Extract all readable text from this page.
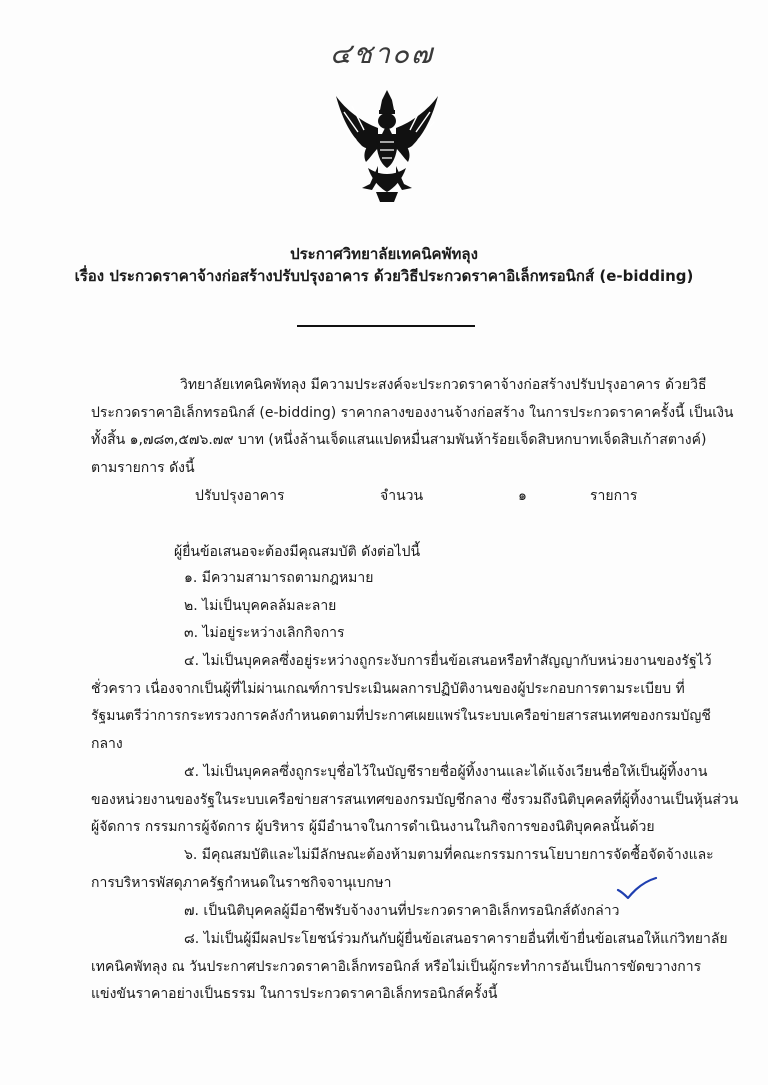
๔ชา๐๗
ประกาศวิทยาลัยเทคนิคพัทลุง
เรื่อง ประกวดราคาจ้างก่อสร้างปรับปรุงอาคาร ด้วยวิธีประกวดราคาอิเล็กทรอนิกส์ (e-bidding)
วิทยาลัยเทคนิคพัทลุง มีความประสงค์จะประกวดราคาจ้างก่อสร้างปรับปรุงอาคาร ด้วยวิธี
ประกวดราคาอิเล็กทรอนิกส์ (e-bidding) ราคากลางของงานจ้างก่อสร้าง ในการประกวดราคาครั้งนี้ เป็นเงิน
ทั้งสิ้น ๑,๗๘๓,๕๗๖.๗๙ บาท (หนึ่งล้านเจ็ดแสนแปดหมื่นสามพันห้าร้อยเจ็ดสิบหกบาทเจ็ดสิบเก้าสตางค์)
ตามรายการ ดังนี้
ปรับปรุงอาคาร	จำนวน	๑	รายการ
ผู้ยื่นข้อเสนอจะต้องมีคุณสมบัติ ดังต่อไปนี้
๑. มีความสามารถตามกฎหมาย
๒. ไม่เป็นบุคคลล้มละลาย
๓. ไม่อยู่ระหว่างเลิกกิจการ
๔. ไม่เป็นบุคคลซึ่งอยู่ระหว่างถูกระงับการยื่นข้อเสนอหรือทำสัญญากับหน่วยงานของรัฐไว้
ชั่วคราว เนื่องจากเป็นผู้ที่ไม่ผ่านเกณฑ์การประเมินผลการปฏิบัติงานของผู้ประกอบการตามระเบียบ ที่
รัฐมนตรีว่าการกระทรวงการคลังกำหนดตามที่ประกาศเผยแพร่ในระบบเครือข่ายสารสนเทศของกรมบัญชี
กลาง
๕. ไม่เป็นบุคคลซึ่งถูกระบุชื่อไว้ในบัญชีรายชื่อผู้ทิ้งงานและได้แจ้งเวียนชื่อให้เป็นผู้ทิ้งงาน
ของหน่วยงานของรัฐในระบบเครือข่ายสารสนเทศของกรมบัญชีกลาง ซึ่งรวมถึงนิติบุคคลที่ผู้ทิ้งงานเป็นหุ้นส่วน
ผู้จัดการ กรรมการผู้จัดการ ผู้บริหาร ผู้มีอำนาจในการดำเนินงานในกิจการของนิติบุคคลนั้นด้วย
๖. มีคุณสมบัติและไม่มีลักษณะต้องห้ามตามที่คณะกรรมการนโยบายการจัดซื้อจัดจ้างและ
การบริหารพัสดุภาครัฐกำหนดในราชกิจจานุเบกษา
๗. เป็นนิติบุคคลผู้มีอาชีพรับจ้างงานที่ประกวดราคาอิเล็กทรอนิกส์ดังกล่าว
๘. ไม่เป็นผู้มีผลประโยชน์ร่วมกันกับผู้ยื่นข้อเสนอราคารายอื่นที่เข้ายื่นข้อเสนอให้แก่วิทยาลัย
เทคนิคพัทลุง ณ วันประกาศประกวดราคาอิเล็กทรอนิกส์ หรือไม่เป็นผู้กระทำการอันเป็นการขัดขวางการ
แข่งขันราคาอย่างเป็นธรรม ในการประกวดราคาอิเล็กทรอนิกส์ครั้งนี้
